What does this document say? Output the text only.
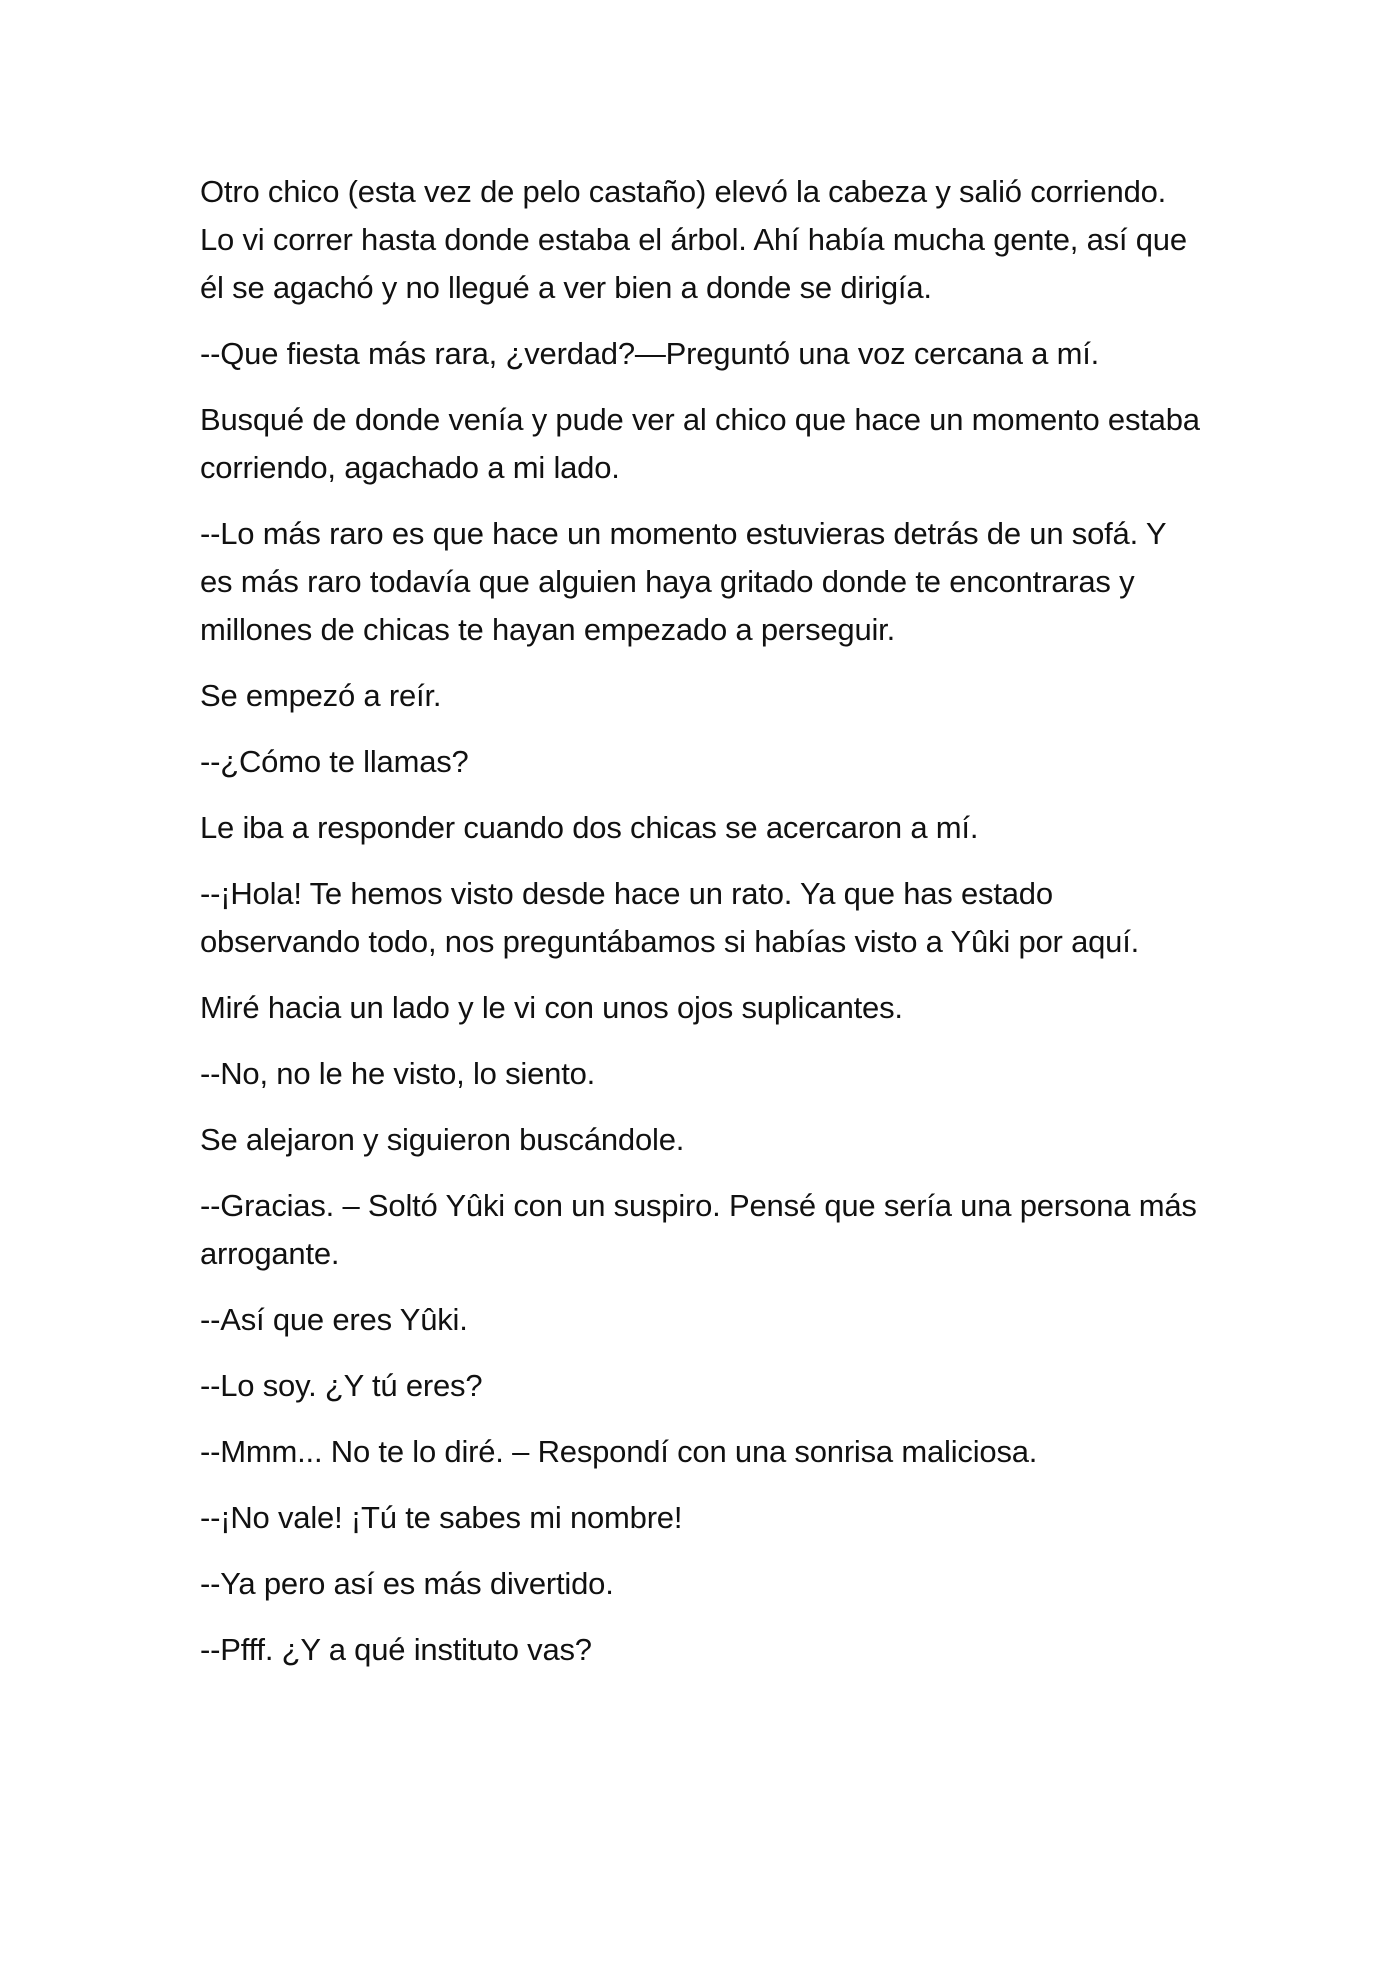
Otro chico (esta vez de pelo castaño) elevó la cabeza y salió corriendo. Lo vi correr hasta donde estaba el árbol. Ahí había mucha gente, así que él se agachó y no llegué a ver bien a donde se dirigía.

--Que fiesta más rara, ¿verdad?—Preguntó una voz cercana a mí.

Busqué de donde venía y pude ver al chico que hace un momento estaba corriendo, agachado a mi lado.

--Lo más raro es que hace un momento estuvieras detrás de un sofá. Y es más raro todavía que alguien haya gritado donde te encontraras y millones de chicas te hayan empezado a perseguir.

Se empezó a reír.

--¿Cómo te llamas?

Le iba a responder cuando dos chicas se acercaron a mí.

--¡Hola! Te hemos visto desde hace un rato. Ya que has estado observando todo, nos preguntábamos si habías visto a Yûki por aquí.

Miré hacia un lado y le vi con unos ojos suplicantes.

--No, no le he visto, lo siento.

Se alejaron y siguieron buscándole.

--Gracias. – Soltó Yûki con un suspiro. Pensé que sería una persona más arrogante.

--Así que eres Yûki.

--Lo soy. ¿Y tú eres?

--Mmm... No te lo diré. – Respondí con una sonrisa maliciosa.

--¡No vale! ¡Tú te sabes mi nombre!

--Ya pero así es más divertido.

--Pfff. ¿Y a qué instituto vas?
